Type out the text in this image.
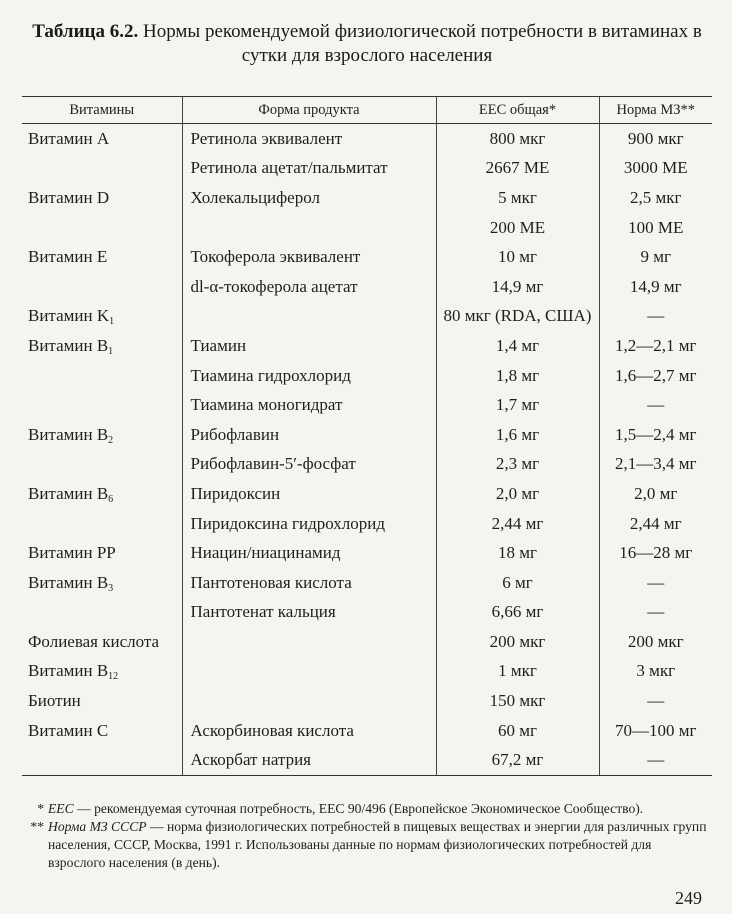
Таблица 6.2. Нормы рекомендуемой физиологической потребности в витаминах в сутки для взрослого населения
Витамины	Форма продукта	ЕЕС общая*	Норма МЗ**
Витамин A	Ретинола эквивалент	800 мкг	900 мкг
	Ретинола ацетат/пальмитат	2667 МЕ	3000 МЕ
Витамин D	Холекальциферол	5 мкг	2,5 мкг
		200 МЕ	100 МЕ
Витамин Е	Токоферола эквивалент	10 мг	9 мг
	dl-α-токоферола ацетат	14,9 мг	14,9 мг
Витамин $K_1$		80 мкг (RDA, США)	—
Витамин $B_1$	Тиамин	1,4 мг	1,2—2,1 мг
	Тиамина гидрохлорид	1,8 мг	1,6—2,7 мг
	Тиамина моногидрат	1,7 мг	—
Витамин $B_2$	Рибофлавин	1,6 мг	1,5—2,4 мг
	Рибофлавин-5′-фосфат	2,3 мг	2,1—3,4 мг
Витамин $B_6$	Пиридоксин	2,0 мг	2,0 мг
	Пиридоксина гидрохлорид	2,44 мг	2,44 мг
Витамин PP	Ниацин/ниацинамид	18 мг	16—28 мг
Витамин $B_3$	Пантотеновая кислота	6 мг	—
	Пантотенат кальция	6,66 мг	—
Фолиевая кислота		200 мкг	200 мкг
Витамин $B_{12}$		1 мкг	3 мкг
Биотин		150 мкг	—
Витамин С	Аскорбиновая кислота	60 мг	70—100 мг
	Аскорбат натрия	67,2 мг	—
* ЕЕС — рекомендуемая суточная потребность, ЕЕС 90/496 (Европейское Экономическое Сообщество).
** Норма МЗ СССР — норма физиологических потребностей в пищевых веществах и энергии для различных групп населения, СССР, Москва, 1991 г. Использованы данные по нормам физиологических потребностей для взрослого населения (в день).
249
